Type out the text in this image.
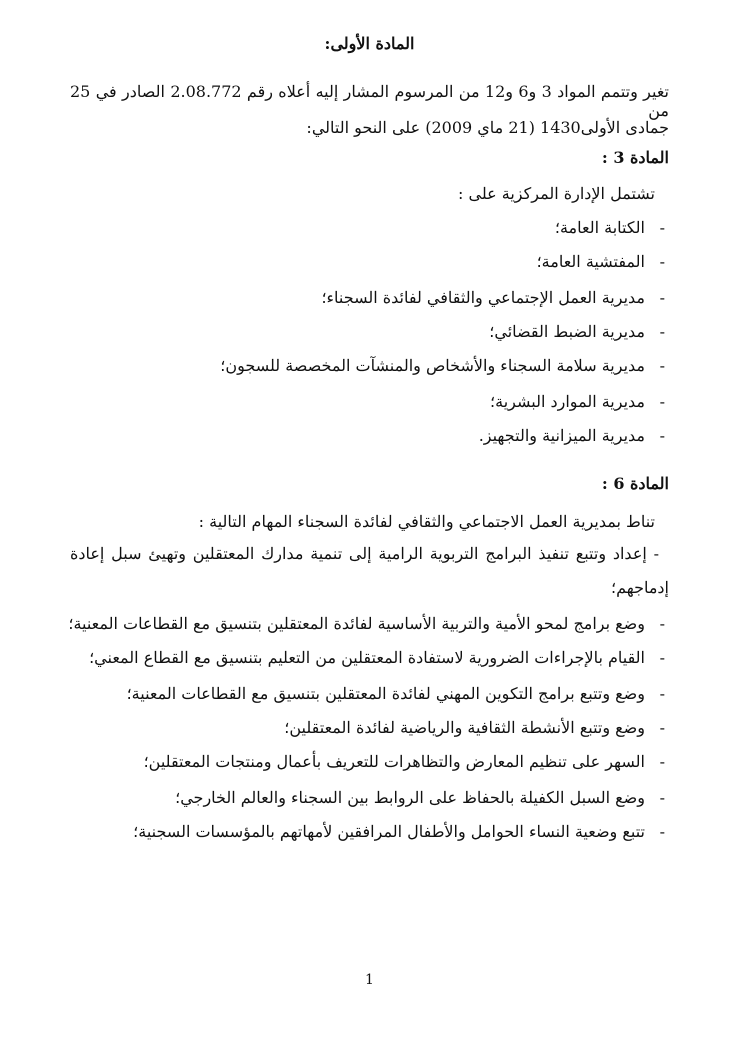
المادة الأولى:
تغير وتتمم المواد 3 و6 و12 من المرسوم المشار إليه أعلاه رقم 2.08.772 الصادر في 25 من
جمادى الأولى1430 (21 ماي 2009) على النحو التالي:
المادة 3 :
تشتمل الإدارة المركزية على :
-
الكتابة العامة؛
-
المفتشية العامة؛
-
مديرية العمل الإجتماعي والثقافي لفائدة السجناء؛
-
مديرية الضبط القضائي؛
-
مديرية سلامة السجناء والأشخاص والمنشآت المخصصة للسجون؛
-
مديرية الموارد البشرية؛
-
مديرية الميزانية والتجهيز.
المادة 6 :
تناط بمديرية العمل الاجتماعي والثقافي لفائدة السجناء المهام التالية :
- إعداد وتتبع تنفيذ البرامج التربوية الرامية إلى تنمية مدارك المعتقلين وتهيئ سبل إعادة
إدماجهم؛
-
وضع برامج لمحو الأمية والتربية الأساسية لفائدة المعتقلين بتنسيق مع القطاعات المعنية؛
-
القيام بالإجراءات الضرورية لاستفادة المعتقلين من التعليم بتنسيق مع القطاع المعني؛
-
وضع وتتبع برامج التكوين المهني لفائدة المعتقلين بتنسيق مع القطاعات المعنية؛
-
وضع وتتبع الأنشطة الثقافية والرياضية لفائدة المعتقلين؛
-
السهر على تنظيم المعارض والتظاهرات للتعريف بأعمال ومنتجات المعتقلين؛
-
وضع السبل الكفيلة بالحفاظ على الروابط بين السجناء والعالم الخارجي؛
-
تتبع وضعية النساء الحوامل والأطفال المرافقين لأمهاتهم بالمؤسسات السجنية؛
1
